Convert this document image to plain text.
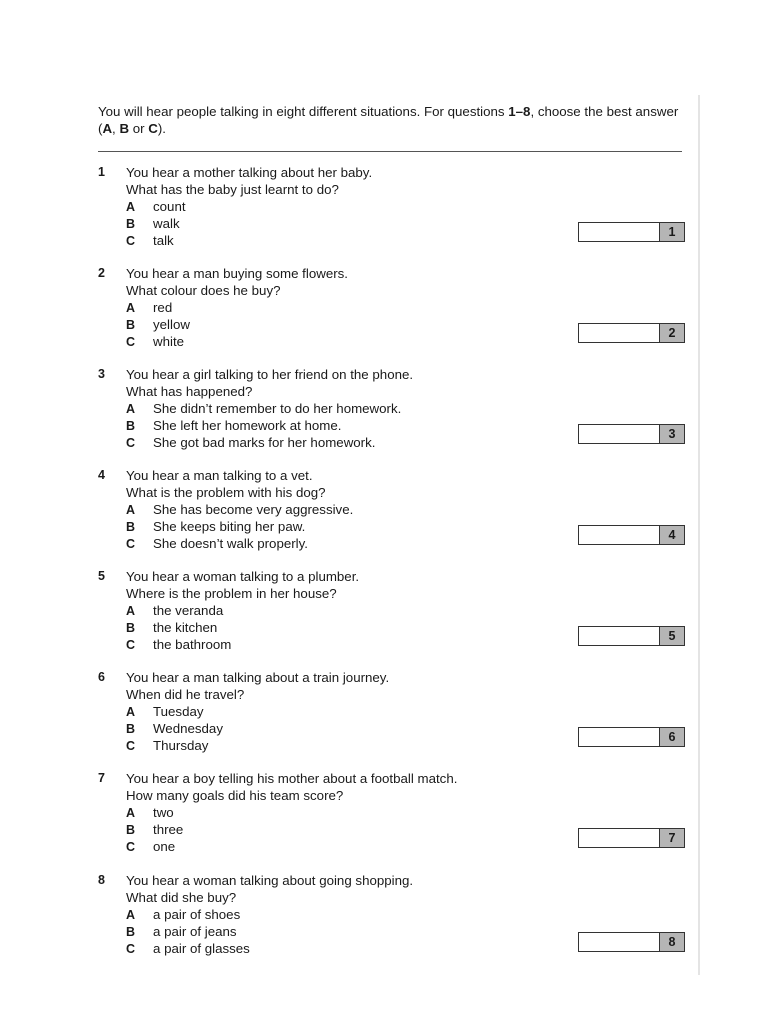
You will hear people talking in eight different situations. For questions 1–8, choose the best answer (A, B or C).

1 You hear a mother talking about her baby.
What has the baby just learnt to do?
A count
B walk
C talk
1
2 You hear a man buying some flowers.
What colour does he buy?
A red
B yellow
C white
2
3 You hear a girl talking to her friend on the phone.
What has happened?
A She didn’t remember to do her homework.
B She left her homework at home.
C She got bad marks for her homework.
3
4 You hear a man talking to a vet.
What is the problem with his dog?
A She has become very aggressive.
B She keeps biting her paw.
C She doesn’t walk properly.
4
5 You hear a woman talking to a plumber.
Where is the problem in her house?
A the veranda
B the kitchen
C the bathroom
5
6 You hear a man talking about a train journey.
When did he travel?
A Tuesday
B Wednesday
C Thursday
6
7 You hear a boy telling his mother about a football match.
How many goals did his team score?
A two
B three
C one
7
8 You hear a woman talking about going shopping.
What did she buy?
A a pair of shoes
B a pair of jeans
C a pair of glasses	8
